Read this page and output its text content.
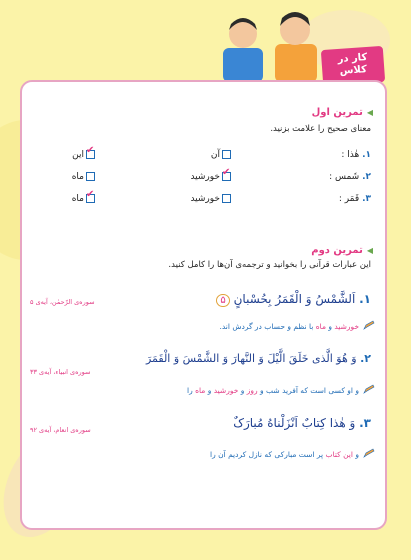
کار در
کلاس
◀تمرین اول
معنای صحیح را علامت بزنید.
۱. هٰذا :
آن
✔این
۲. شَمس :
✔خورشید
ماه
۳. قَمَر :
خورشید
✔ماه
◀تمرین دوم
این عبارات قرآنی را بخوانید و ترجمه‌ی آن‌ها را کامل کنید.
۱. اَلشَّمْسُ وَ الْقَمَرُ بِحُسْبانٍ ۵
سوره‌ی الرّحمٰن، آیه‌ی ۵
خورشید و ماه با نظم و حساب در گردش اند.
۲. وَ هُوَ الَّذی خَلَقَ الَّیْلَ وَ النَّهارَ وَ الشَّمْسَ وَ الْقَمَرَ
سوره‌ی انبیاء، آیه‌ی ۳۳
و او کسی است که آفرید شب و روز و خورشید و ماه را
۳. وَ هٰذا کِتابٌ اَنْزَلْناهُ مُبارَکٌ
سوره‌ی انعام، آیه‌ی ۹۲
و این کتاب پر است مبارکی که نازل کردیم آن را
